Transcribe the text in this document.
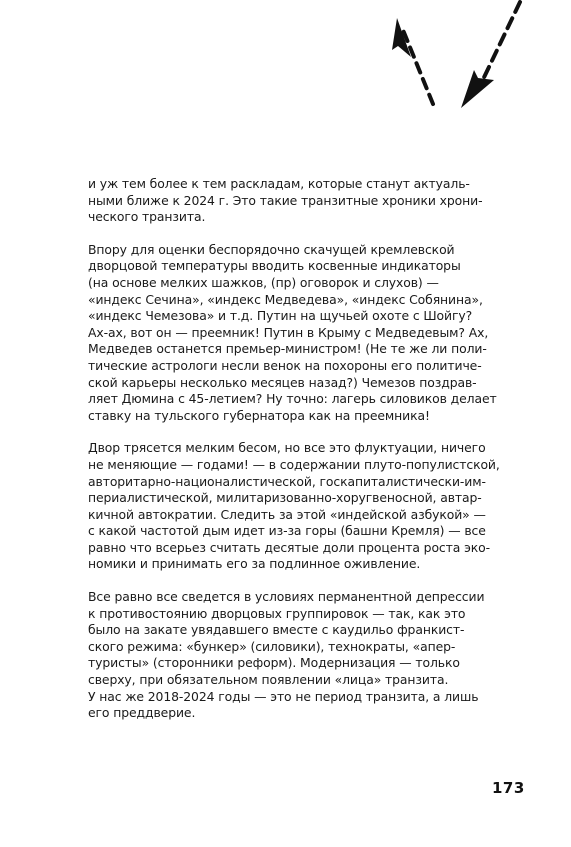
и уж тем более к тем раскладам, которые станут актуаль-
ными ближе к 2024 г. Это такие транзитные хроники хрони-
ческого транзита.
Впору для оценки беспорядочно скачущей кремлевской
дворцовой температуры вводить косвенные индикаторы
(на основе мелких шажков, (пр) оговорок и слухов) —
«индекс Сечина», «индекс Медведева», «индекс Собянина»,
«индекс Чемезова» и т.д. Путин на щучьей охоте с Шойгу?
Ах-ах, вот он — преемник! Путин в Крыму с Медведевым? Ах,
Медведев останется премьер-министром! (Не те же ли поли-
тические астрологи несли венок на похороны его политиче-
ской карьеры несколько месяцев назад?) Чемезов поздрав-
ляет Дюмина с 45-летием? Ну точно: лагерь силовиков делает
ставку на тульского губернатора как на преемника!
Двор трясется мелким бесом, но все это флуктуации, ничего
не меняющие — годами! — в содержании плуто-популистской,
авторитарно-националистической, госкапиталистически-им-
периалистической, милитаризованно-хоругвеносной, автар-
кичной автократии. Следить за этой «индейской азбукой» —
с какой частотой дым идет из-за горы (башни Кремля) — все
равно что всерьез считать десятые доли процента роста эко-
номики и принимать его за подлинное оживление.
Все равно все сведется в условиях перманентной депрессии
к противостоянию дворцовых группировок — так, как это
было на закате увядавшего вместе с каудильо франкист-
ского режима: «бункер» (силовики), технократы, «апер-
туристы» (сторонники реформ). Модернизация — только
сверху, при обязательном появлении «лица» транзита.
У нас же 2018-2024 годы — это не период транзита, а лишь
его преддверие.
173
